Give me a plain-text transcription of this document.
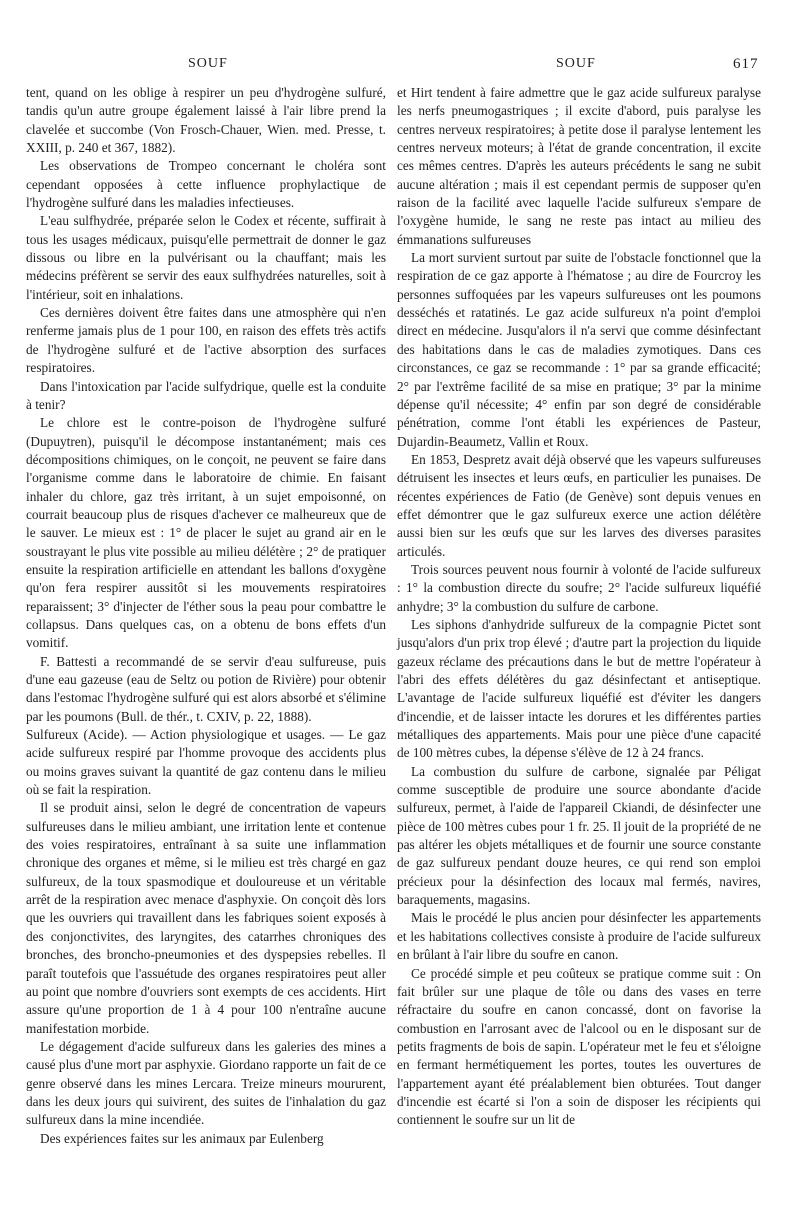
SOUF	SOUF	617

tent, quand on les oblige à respirer un peu d'hydrogène sulfuré, tandis qu'un autre groupe également laissé à l'air libre prend la clavelée et succombe (Von Frosch-Chauer, Wien. med. Presse, t. XXIII, p. 240 et 367, 1882).

Les observations de Trompeo concernant le choléra sont cependant opposées à cette influence prophylactique de l'hydrogène sulfuré dans les maladies infectieuses.

L'eau sulfhydrée, préparée selon le Codex et récente, suffirait à tous les usages médicaux, puisqu'elle permettrait de donner le gaz dissous ou libre en la pulvérisant ou la chauffant; mais les médecins préfèrent se servir des eaux sulfhydrées naturelles, soit à l'intérieur, soit en inhalations.

Ces dernières doivent être faites dans une atmosphère qui n'en renferme jamais plus de 1 pour 100, en raison des effets très actifs de l'hydrogène sulfuré et de l'active absorption des surfaces respiratoires.

Dans l'intoxication par l'acide sulfydrique, quelle est la conduite à tenir?

Le chlore est le contre-poison de l'hydrogène sulfuré (Dupuytren), puisqu'il le décompose instantanément; mais ces décompositions chimiques, on le conçoit, ne peuvent se faire dans l'organisme comme dans le laboratoire de chimie. En faisant inhaler du chlore, gaz très irritant, à un sujet empoisonné, on courrait beaucoup plus de risques d'achever ce malheureux que de le sauver. Le mieux est : 1° de placer le sujet au grand air en le soustrayant le plus vite possible au milieu délétère ; 2° de pratiquer ensuite la respiration artificielle en attendant les ballons d'oxygène qu'on fera respirer aussitôt si les mouvements respiratoires reparaissent; 3° d'injecter de l'éther sous la peau pour combattre le collapsus. Dans quelques cas, on a obtenu de bons effets d'un vomitif.

F. Battesti a recommandé de se servir d'eau sulfureuse, puis d'une eau gazeuse (eau de Seltz ou potion de Rivière) pour obtenir dans l'estomac l'hydrogène sulfuré qui est alors absorbé et s'élimine par les poumons (Bull. de thér., t. CXIV, p. 22, 1888).

Sulfureux (Acide). — Action physiologique et usages. — Le gaz acide sulfureux respiré par l'homme provoque des accidents plus ou moins graves suivant la quantité de gaz contenu dans le milieu où se fait la respiration.

Il se produit ainsi, selon le degré de concentration de vapeurs sulfureuses dans le milieu ambiant, une irritation lente et contenue des voies respiratoires, entraînant à sa suite une inflammation chronique des organes et même, si le milieu est très chargé en gaz sulfureux, de la toux spasmodique et douloureuse et un véritable arrêt de la respiration avec menace d'asphyxie. On conçoit dès lors que les ouvriers qui travaillent dans les fabriques soient exposés à des conjonctivites, des laryngites, des catarrhes chroniques des bronches, des broncho-pneumonies et des dyspepsies rebelles. Il paraît toutefois que l'assuétude des organes respiratoires peut aller au point que nombre d'ouvriers sont exempts de ces accidents. Hirt assure qu'une proportion de 1 à 4 pour 100 n'entraîne aucune manifestation morbide.

Le dégagement d'acide sulfureux dans les galeries des mines a causé plus d'une mort par asphyxie. Giordano rapporte un fait de ce genre observé dans les mines Lercara. Treize mineurs moururent, dans les deux jours qui suivirent, des suites de l'inhalation du gaz sulfureux dans la mine incendiée.

Des expériences faites sur les animaux par Eulenberg

et Hirt tendent à faire admettre que le gaz acide sulfureux paralyse les nerfs pneumogastriques ; il excite d'abord, puis paralyse les centres nerveux respiratoires; à petite dose il paralyse lentement les centres nerveux moteurs; à l'état de grande concentration, il excite ces mêmes centres. D'après les auteurs précédents le sang ne subit aucune altération ; mais il est cependant permis de supposer qu'en raison de la facilité avec laquelle l'acide sulfureux s'empare de l'oxygène humide, le sang ne reste pas intact au milieu des émmanations sulfureuses

La mort survient surtout par suite de l'obstacle fonctionnel que la respiration de ce gaz apporte à l'hématose ; au dire de Fourcroy les personnes suffoquées par les vapeurs sulfureuses ont les poumons desséchés et ratatinés. Le gaz acide sulfureux n'a point d'emploi direct en médecine. Jusqu'alors il n'a servi que comme désinfectant des habitations dans le cas de maladies zymotiques. Dans ces circonstances, ce gaz se recommande : 1° par sa grande efficacité; 2° par l'extrême facilité de sa mise en pratique; 3° par la minime dépense qu'il nécessite; 4° enfin par son degré de considérable pénétration, comme l'ont établi les expériences de Pasteur, Dujardin-Beaumetz, Vallin et Roux.

En 1853, Despretz avait déjà observé que les vapeurs sulfureuses détruisent les insectes et leurs œufs, en particulier les punaises. De récentes expériences de Fatio (de Genève) sont depuis venues en effet démontrer que le gaz sulfureux exerce une action délétère aussi bien sur les œufs que sur les larves des diverses parasites articulés.

Trois sources peuvent nous fournir à volonté de l'acide sulfureux : 1° la combustion directe du soufre; 2° l'acide sulfureux liquéfié anhydre; 3° la combustion du sulfure de carbone.

Les siphons d'anhydride sulfureux de la compagnie Pictet sont jusqu'alors d'un prix trop élevé ; d'autre part la projection du liquide gazeux réclame des précautions dans le but de mettre l'opérateur à l'abri des effets délétères du gaz désinfectant et antiseptique. L'avantage de l'acide sulfureux liquéfié est d'éviter les dangers d'incendie, et de laisser intacte les dorures et les différentes parties métalliques des appartements. Mais pour une pièce d'une capacité de 100 mètres cubes, la dépense s'élève de 12 à 24 francs.

La combustion du sulfure de carbone, signalée par Péligat comme susceptible de produire une source abondante d'acide sulfureux, permet, à l'aide de l'appareil Ckiandi, de désinfecter une pièce de 100 mètres cubes pour 1 fr. 25. Il jouit de la propriété de ne pas altérer les objets métalliques et de fournir une source constante de gaz sulfureux pendant douze heures, ce qui rend son emploi précieux pour la désinfection des locaux mal fermés, navires, baraquements, magasins.

Mais le procédé le plus ancien pour désinfecter les appartements et les habitations collectives consiste à produire de l'acide sulfureux en brûlant à l'air libre du soufre en canon.

Ce procédé simple et peu coûteux se pratique comme suit : On fait brûler sur une plaque de tôle ou dans des vases en terre réfractaire du soufre en canon concassé, dont on favorise la combustion en l'arrosant avec de l'alcool ou en le disposant sur de petits fragments de bois de sapin. L'opérateur met le feu et s'éloigne en fermant hermétiquement les portes, toutes les ouvertures de l'appartement ayant été préalablement bien obturées. Tout danger d'incendie est écarté si l'on a soin de disposer les récipients qui contiennent le soufre sur un lit de
